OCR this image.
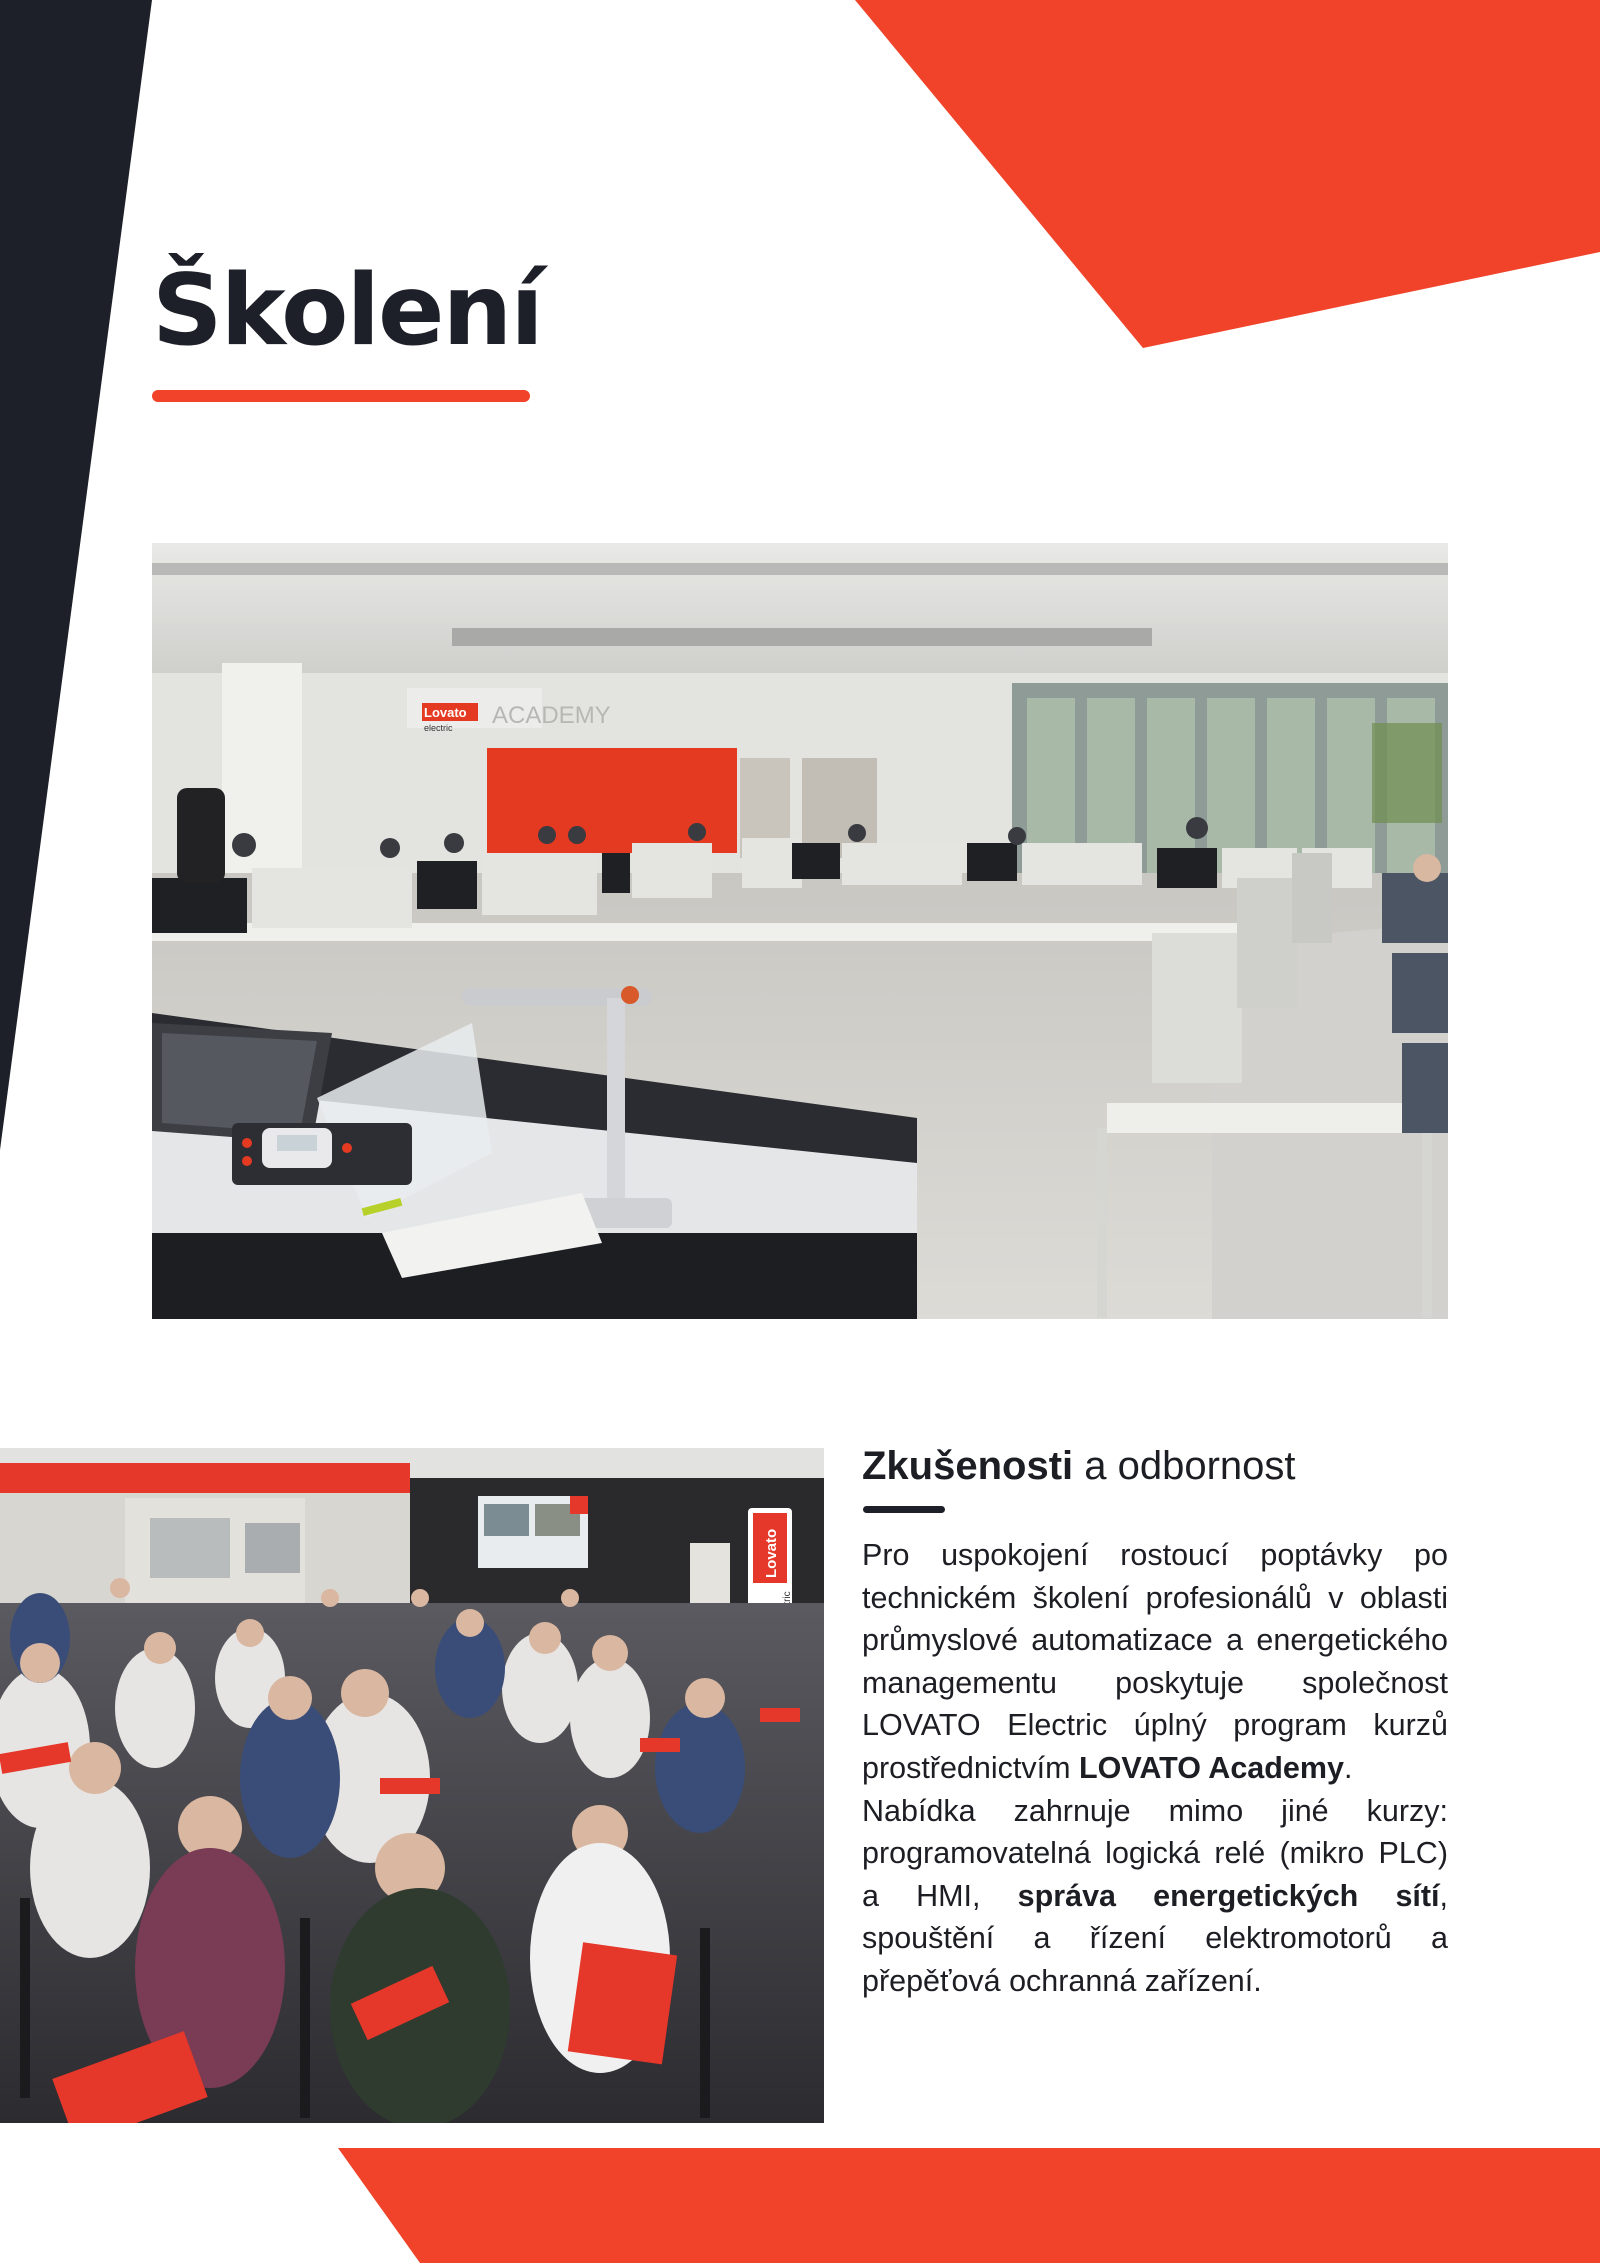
Školení
Lovato
electric ACADEMY
Lovato
Zkušenosti a odbornost

Pro uspokojení rostoucí poptávky po technickém školení profesionálů v oblasti průmyslové automatizace a energetického managementu poskytuje společnost LOVATO Electric úplný program kurzů prostřednictvím LOVATO Academy.

Nabídka zahrnuje mimo jiné kurzy: programovatelná logická relé (mikro PLC) a HMI, správa energetických sítí, spouštění a řízení elektromotorů a přepěťová ochranná zařízení.
